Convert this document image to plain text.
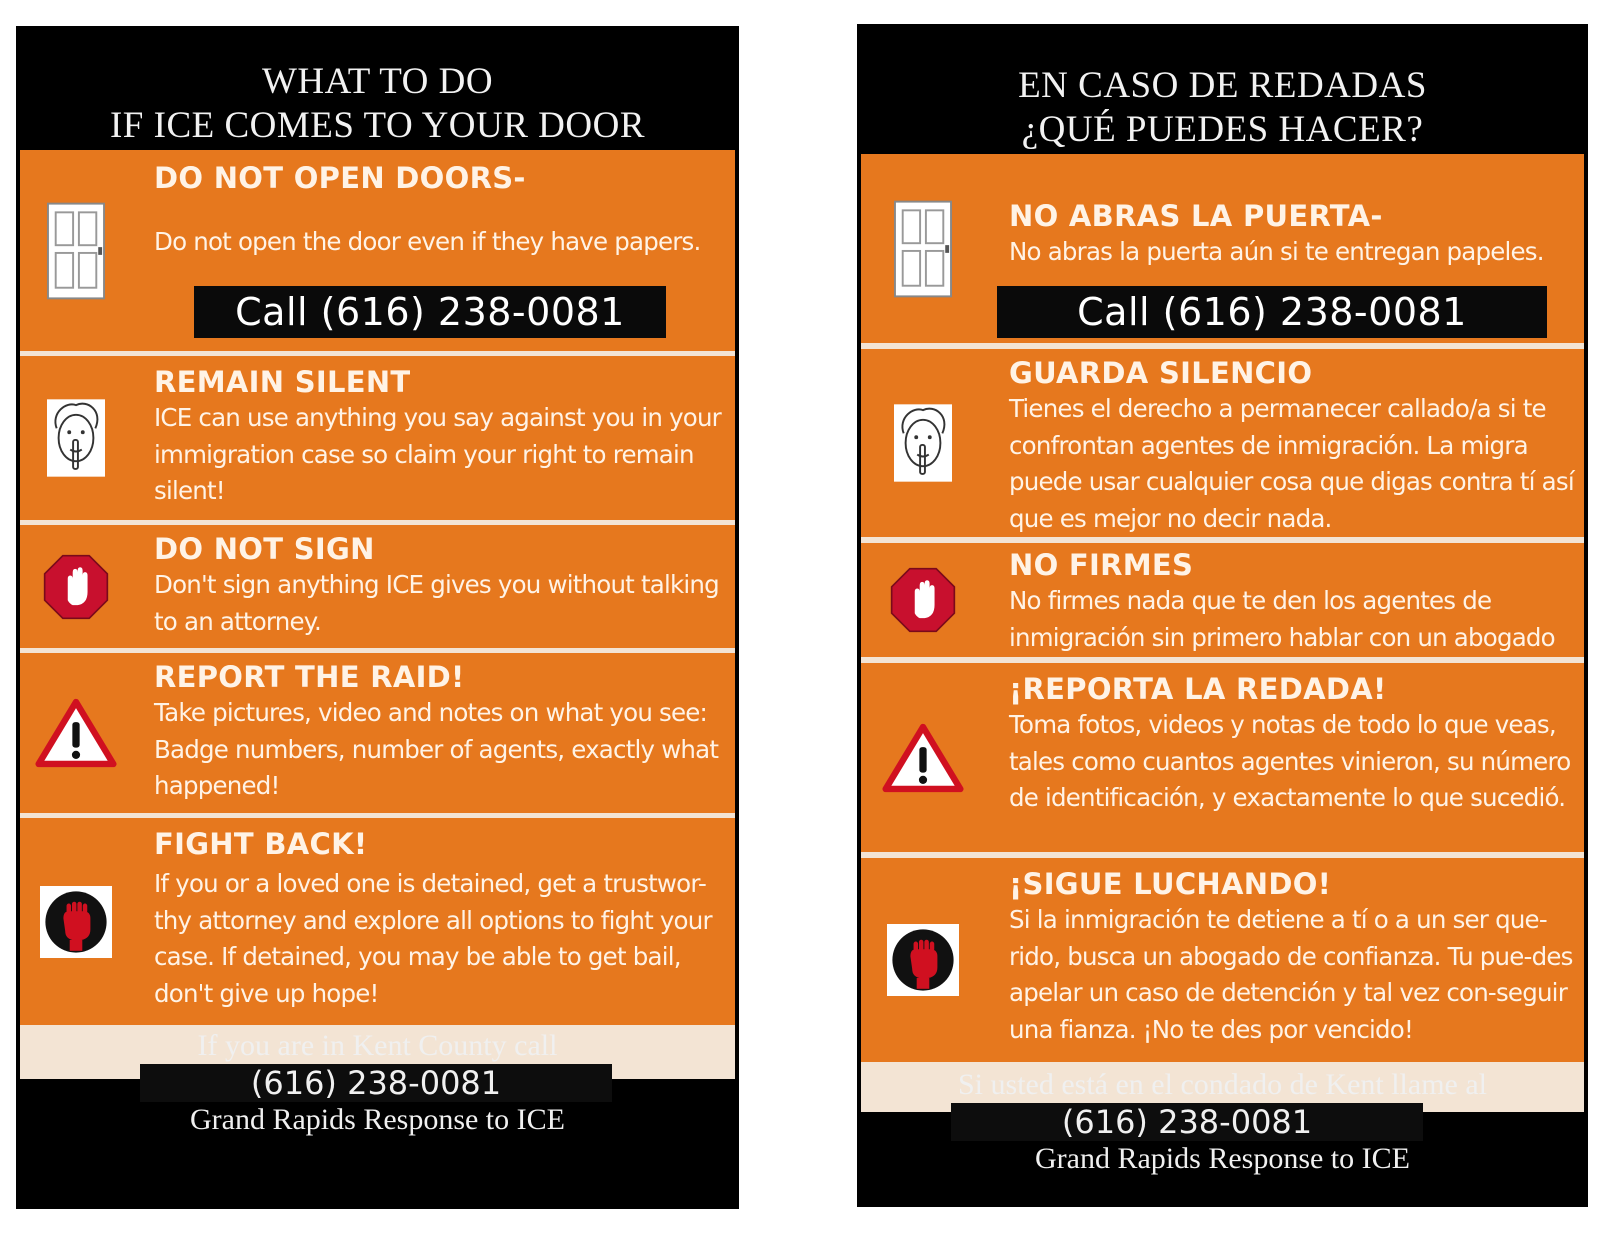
WHAT TO DO
IF ICE COMES TO YOUR DOOR
DO NOT OPEN DOORS-
Do not open the door even if they have papers.
Call (616) 238-0081
REMAIN SILENT
ICE can use anything you say against you in your immigration case so claim your right to remain silent!
DO NOT SIGN
Don't sign anything ICE gives you without talking to an attorney.
REPORT THE RAID!
Take pictures, video and notes on what you see: Badge numbers, number of agents, exactly what happened!
FIGHT BACK!
If you or a loved one is detained, get a trustwor-thy attorney and explore all options to fight your case. If detained, you may be able to get bail, don't give up hope!
If you are in Kent County call
(616) 238-0081
Grand Rapids Response to ICE
EN CASO DE REDADAS
¿QUÉ PUEDES HACER?
NO ABRAS LA PUERTA-
No abras la puerta aún si te entregan papeles.
Call (616) 238-0081
GUARDA SILENCIO
Tienes el derecho a permanecer callado/a si te confrontan agentes de inmigración. La migra puede usar cualquier cosa que digas contra tí así que es mejor no decir nada.
NO FIRMES
No firmes nada que te den los agentes de inmigración sin primero hablar con un abogado
¡REPORTA LA REDADA!
Toma fotos, videos y notas de todo lo que veas, tales como cuantos agentes vinieron, su número de identificación, y exactamente lo que sucedió.
¡SIGUE LUCHANDO!
Si la inmigración te detiene a tí o a un ser que-rido, busca un abogado de confianza. Tu pue-des apelar un caso de detención y tal vez con-seguir una fianza. ¡No te des por vencido!
Si usted está en el condado de Kent llame al
(616) 238-0081
Grand Rapids Response to ICE
